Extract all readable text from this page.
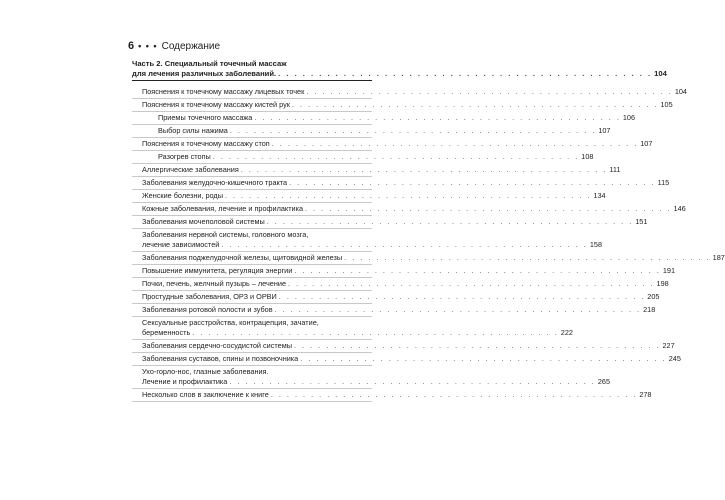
6 • • • Содержание
Часть 2. Специальный точечный массаж
для лечения различных заболеваний. . . . . . . . . . . . . . . . . . . . . . . . . . . . . . . . . . . . . . . . . . . . . . . 104
Пояснения к точечному массажу лицевых точек . . . . . . . . . . . . . . . . . . . . . . . . . . . . . . . . . . . . . . . . . . . . . . 104
Пояснения к точечному массажу кистей рук . . . . . . . . . . . . . . . . . . . . . . . . . . . . . . . . . . . . . . . . . . . . . . 105
Приемы точечного массажа . . . . . . . . . . . . . . . . . . . . . . . . . . . . . . . . . . . . . . . . . . . . . . 106
Выбор силы нажима . . . . . . . . . . . . . . . . . . . . . . . . . . . . . . . . . . . . . . . . . . . . . . 107
Пояснения к точечному массажу стоп . . . . . . . . . . . . . . . . . . . . . . . . . . . . . . . . . . . . . . . . . . . . . . 107
Разогрев стопы . . . . . . . . . . . . . . . . . . . . . . . . . . . . . . . . . . . . . . . . . . . . . . 108
Аллергические заболевания . . . . . . . . . . . . . . . . . . . . . . . . . . . . . . . . . . . . . . . . . . . . . . 111
Заболевания желудочно-кишечного тракта . . . . . . . . . . . . . . . . . . . . . . . . . . . . . . . . . . . . . . . . . . . . . . 115
Женские болезни, роды . . . . . . . . . . . . . . . . . . . . . . . . . . . . . . . . . . . . . . . . . . . . . . 134
Кожные заболевания, лечение и профилактика . . . . . . . . . . . . . . . . . . . . . . . . . . . . . . . . . . . . . . . . . . . . . . 146
Заболевания мочеполовой системы . . . . . . . . . . . . . . . . . . . . . . . . . . . . . . . . . . . . . . . . . . . . . . 151
Заболевания нервной системы, головного мозга,
лечение зависимостей . . . . . . . . . . . . . . . . . . . . . . . . . . . . . . . . . . . . . . . . . . . . . . 158
Заболевания поджелудочной железы, щитовидной железы . . . . . . . . . . . . . . . . . . . . . . . . . . . . . . . . . . . . . . . . . . . . . . 187
Повышение иммунитета, регуляция энергии . . . . . . . . . . . . . . . . . . . . . . . . . . . . . . . . . . . . . . . . . . . . . . 191
Почки, печень, желчный пузырь – лечение . . . . . . . . . . . . . . . . . . . . . . . . . . . . . . . . . . . . . . . . . . . . . . 198
Простудные заболевания, ОРЗ и ОРВИ . . . . . . . . . . . . . . . . . . . . . . . . . . . . . . . . . . . . . . . . . . . . . . 205
Заболевания ротовой полости и зубов . . . . . . . . . . . . . . . . . . . . . . . . . . . . . . . . . . . . . . . . . . . . . . 218
Сексуальные расстройства, контрацепция, зачатие,
беременность . . . . . . . . . . . . . . . . . . . . . . . . . . . . . . . . . . . . . . . . . . . . . . 222
Заболевания сердечно-сосудистой системы . . . . . . . . . . . . . . . . . . . . . . . . . . . . . . . . . . . . . . . . . . . . . . 227
Заболевания суставов, спины и позвоночника . . . . . . . . . . . . . . . . . . . . . . . . . . . . . . . . . . . . . . . . . . . . . . 245
Ухо-горло-нос, глазные заболевания.
Лечение и профилактика . . . . . . . . . . . . . . . . . . . . . . . . . . . . . . . . . . . . . . . . . . . . . . 265
Несколько слов в заключение к книге . . . . . . . . . . . . . . . . . . . . . . . . . . . . . . . . . . . . . . . . . . . . . . 278
